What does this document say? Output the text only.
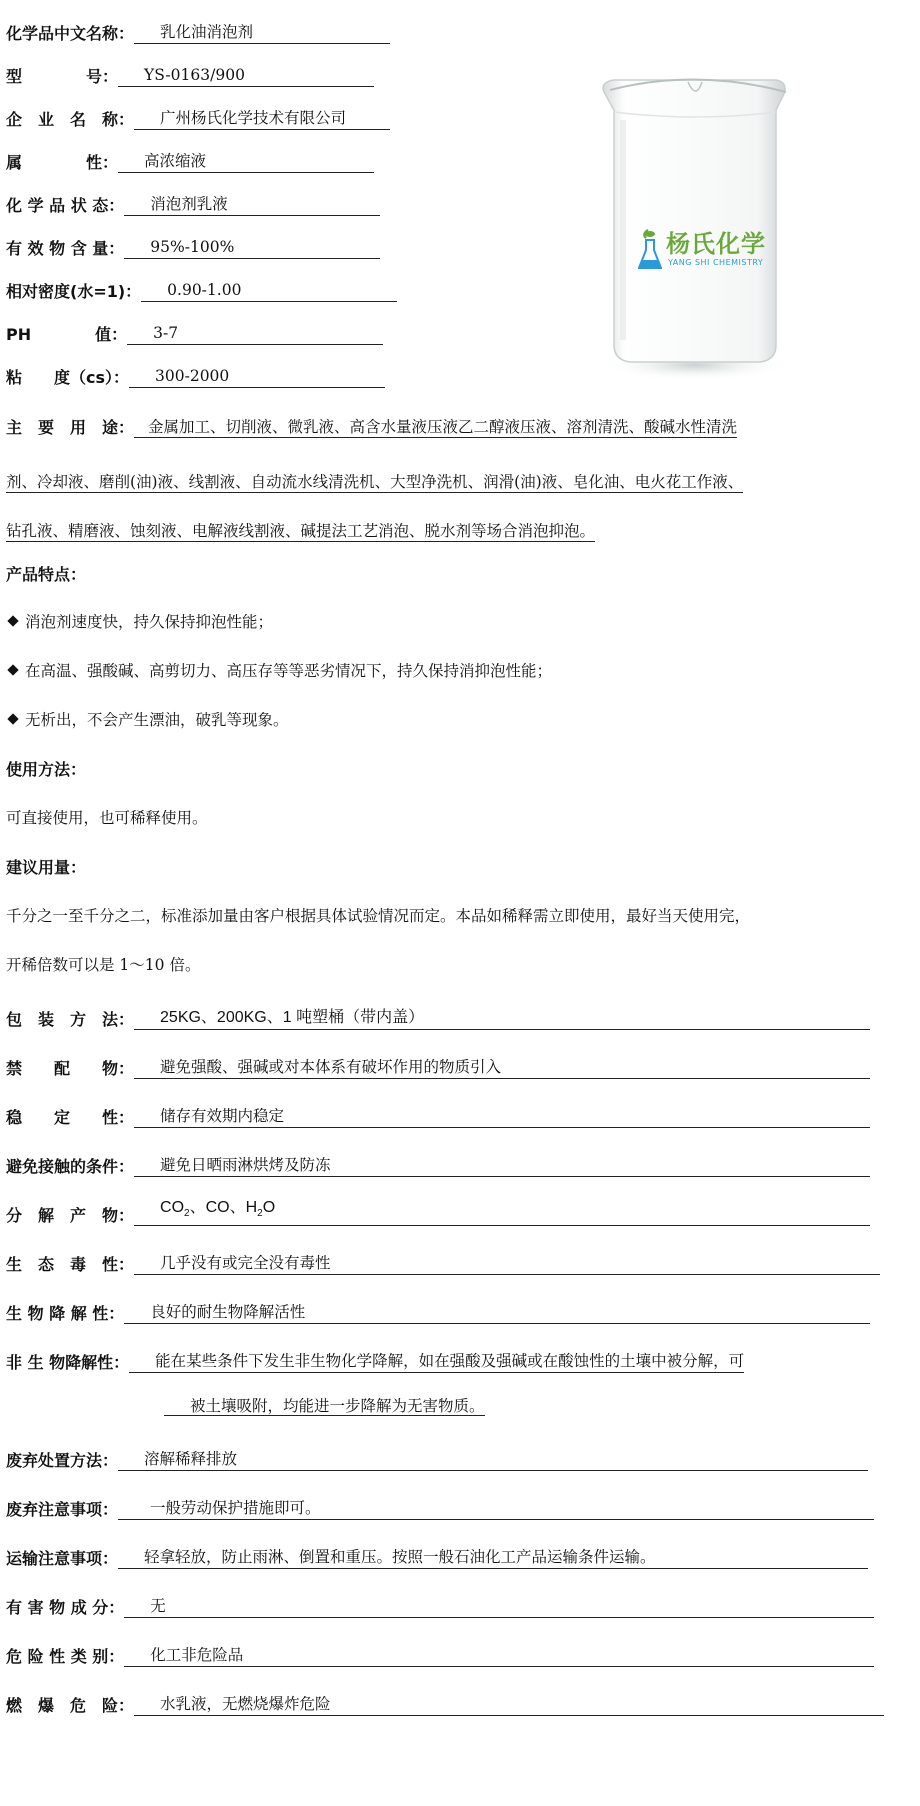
化学品中文名称：	乳化油消泡剂
型　　　　号：	YS-0163/900
企　业　名　称：	广州杨氏化学技术有限公司
属　　　　性：	高浓缩液
化 学 品 状 态：	消泡剂乳液
有 效 物 含 量：	95%-100%
相对密度(水=1)：	0.90-1.00
PH　　　　值：	3-7
粘　　度（cs）：	300-2000
杨氏化学
YANG SHI CHEMISTRY
主　要　用　途： 金属加工、切削液、微乳液、高含水量液压液乙二醇液压液、溶剂清洗、酸碱水性清洗
剂、冷却液、磨削(油)液、线割液、自动流水线清洗机、大型净洗机、润滑(油)液、皂化油、电火花工作液、
钻孔液、精磨液、蚀刻液、电解液线割液、碱提法工艺消泡、脱水剂等场合消泡抑泡。
产品特点：
消泡剂速度快，持久保持抑泡性能；
在高温、强酸碱、高剪切力、高压存等等恶劣情况下，持久保持消抑泡性能；
无析出，不会产生漂油，破乳等现象。
使用方法：
可直接使用，也可稀释使用。
建议用量：
千分之一至千分之二，标准添加量由客户根据具体试验情况而定。本品如稀释需立即使用，最好当天使用完，
开稀倍数可以是 1～10 倍。
包　装　方　法：	25KG、200KG、1 吨塑桶（带内盖）
禁　　配　　物：	避免强酸、强碱或对本体系有破坏作用的物质引入
稳　　定　　性：	储存有效期内稳定
避免接触的条件：	避免日晒雨淋烘烤及防冻
分　解　产　物：	$CO_2$、CO、$H_2O$
生　态　毒　性：	几乎没有或完全没有毒性
生 物 降 解 性：	良好的耐生物降解活性
非 生 物降解性：	能在某些条件下发生非生物化学降解，如在强酸及强碱或在酸蚀性的土壤中被分解，可
被土壤吸附，均能进一步降解为无害物质。
废弃处置方法：	溶解稀释排放
废弃注意事项：	一般劳动保护措施即可。
运输注意事项：	轻拿轻放，防止雨淋、倒置和重压。按照一般石油化工产品运输条件运输。
有 害 物 成 分：	无
危 险 性 类 别：	化工非危险品
燃　爆　危　险：	水乳液，无燃烧爆炸危险
